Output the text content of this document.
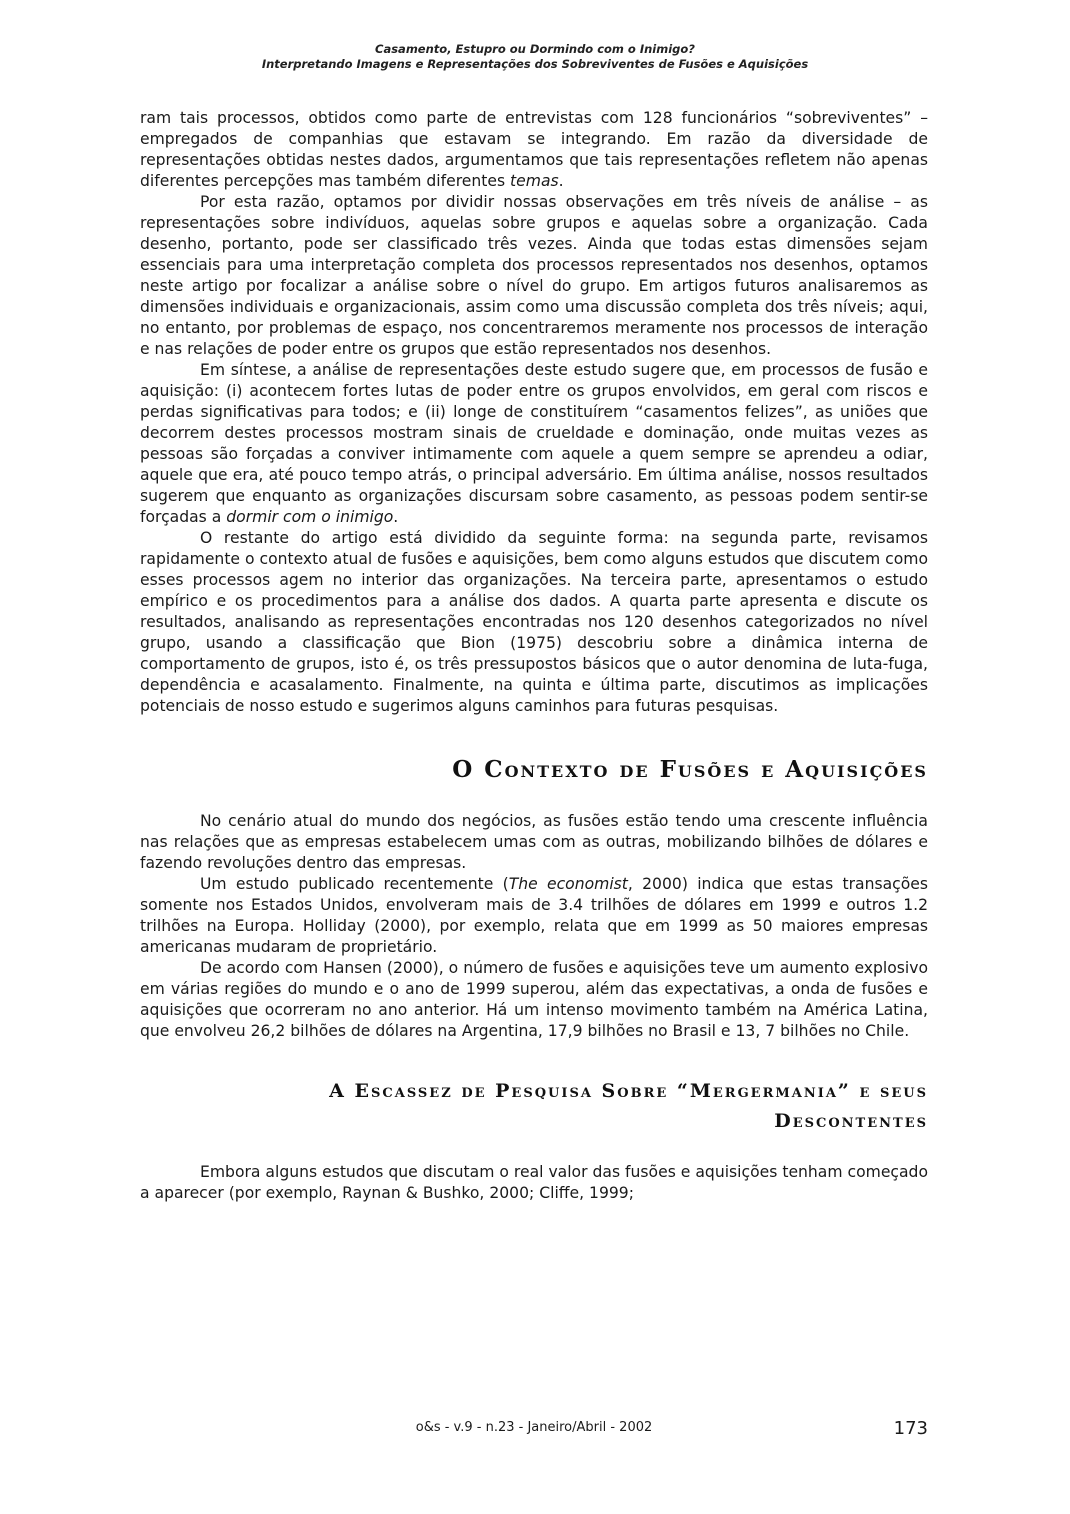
Casamento, Estupro ou Dormindo com o Inimigo?
Interpretando Imagens e Representações dos Sobreviventes de Fusões e Aquisições

ram tais processos, obtidos como parte de entrevistas com 128 funcionários “sobreviventes” – empregados de companhias que estavam se integrando. Em razão da diversidade de representações obtidas nestes dados, argumentamos que tais representações refletem não apenas diferentes percepções mas também diferentes temas.

Por esta razão, optamos por dividir nossas observações em três níveis de análise – as representações sobre indivíduos, aquelas sobre grupos e aquelas sobre a organização. Cada desenho, portanto, pode ser classificado três vezes. Ainda que todas estas dimensões sejam essenciais para uma interpretação completa dos processos representados nos desenhos, optamos neste artigo por focalizar a análise sobre o nível do grupo. Em artigos futuros analisaremos as dimensões individuais e organizacionais, assim como uma discussão completa dos três níveis; aqui, no entanto, por problemas de espaço, nos concentraremos meramente nos processos de interação e nas relações de poder entre os grupos que estão representados nos desenhos.

Em síntese, a análise de representações deste estudo sugere que, em processos de fusão e aquisição: (i) acontecem fortes lutas de poder entre os grupos envolvidos, em geral com riscos e perdas significativas para todos; e (ii) longe de constituírem “casamentos felizes”, as uniões que decorrem destes processos mostram sinais de crueldade e dominação, onde muitas vezes as pessoas são forçadas a conviver intimamente com aquele a quem sempre se aprendeu a odiar, aquele que era, até pouco tempo atrás, o principal adversário. Em última análise, nossos resultados sugerem que enquanto as organizações discursam sobre casamento, as pessoas podem sentir-se forçadas a dormir com o inimigo.

O restante do artigo está dividido da seguinte forma: na segunda parte, revisamos rapidamente o contexto atual de fusões e aquisições, bem como alguns estudos que discutem como esses processos agem no interior das organizações. Na terceira parte, apresentamos o estudo empírico e os procedimentos para a análise dos dados. A quarta parte apresenta e discute os resultados, analisando as representações encontradas nos 120 desenhos categorizados no nível grupo, usando a classificação que Bion (1975) descobriu sobre a dinâmica interna de comportamento de grupos, isto é, os três pressupostos básicos que o autor denomina de luta-fuga, dependência e acasalamento. Finalmente, na quinta e última parte, discutimos as implicações potenciais de nosso estudo e sugerimos alguns caminhos para futuras pesquisas.

O Contexto de Fusões e Aquisições

No cenário atual do mundo dos negócios, as fusões estão tendo uma crescente influência nas relações que as empresas estabelecem umas com as outras, mobilizando bilhões de dólares e fazendo revoluções dentro das empresas.

Um estudo publicado recentemente (The economist, 2000) indica que estas transações somente nos Estados Unidos, envolveram mais de 3.4 trilhões de dólares em 1999 e outros 1.2 trilhões na Europa. Holliday (2000), por exemplo, relata que em 1999 as 50 maiores empresas americanas mudaram de proprietário.

De acordo com Hansen (2000), o número de fusões e aquisições teve um aumento explosivo em várias regiões do mundo e o ano de 1999 superou, além das expectativas, a onda de fusões e aquisições que ocorreram no ano anterior. Há um intenso movimento também na América Latina, que envolveu 26,2 bilhões de dólares na Argentina, 17,9 bilhões no Brasil e 13, 7 bilhões no Chile.

A Escassez de Pesquisa Sobre “Mergermania” e seus
Descontentes

Embora alguns estudos que discutam o real valor das fusões e aquisições tenham começado a aparecer (por exemplo, Raynan & Bushko, 2000; Cliffe, 1999;

o&s - v.9 - n.23 - Janeiro/Abril - 2002	173
